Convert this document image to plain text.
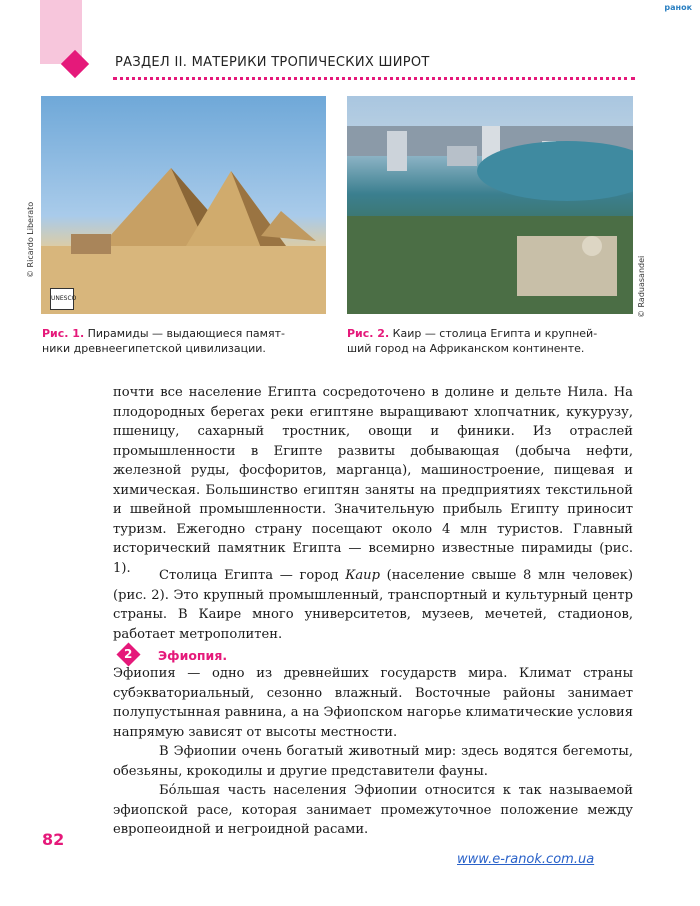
РАЗДЕЛ II. МАТЕРИКИ ТРОПИЧЕСКИХ ШИРОТ
ранок
© Ricardo Liberato
UNESCO	© Raduasandei
Рис. 1. Пирамиды — выдающиеся памят-
ники древнеегипетской цивилизации.
Рис. 2. Каир — столица Египта и крупней-
ший город на Африканском континенте.

почти все население Египта сосредоточено в долине и дельте Нила. На плодородных берегах реки египтяне выращивают хлопчатник, кукурузу, пшеницу, сахарный тростник, овощи и финики. Из отраслей промышленности в Египте развиты добывающая (добыча нефти, железной руды, фосфоритов, марганца), машиностроение, пищевая и химическая. Большинство египтян заняты на предприятиях текстильной и швейной промышленности. Значительную прибыль Египту приносит туризм. Ежегодно страну посещают около 4 млн туристов. Главный исторический памятник Египта — всемирно известные пирамиды (рис. 1).	Столица Египта — город Каир (население свыше 8 млн человек) (рис. 2). Это крупный промышленный, транспортный и культурный центр страны. В Каире много университетов, музеев, мечетей, стадионов, работает метрополитен.

2 Эфиопия.

Эфиопия — одно из древнейших государств мира. Климат страны субэкваториальный, сезонно влажный. Восточные районы занимает полупустынная равнина, а на Эфиопском нагорье климатические условия напрямую зависят от высоты местности.

В Эфиопии очень богатый животный мир: здесь водятся бегемоты, обезьяны, крокодилы и другие представители фауны.

Бóльшая часть населения Эфиопии относится к так называемой эфиопской расе, которая занимает промежуточное положение между европеоидной и негроидной расами.

82
www.e-ranok.com.ua
